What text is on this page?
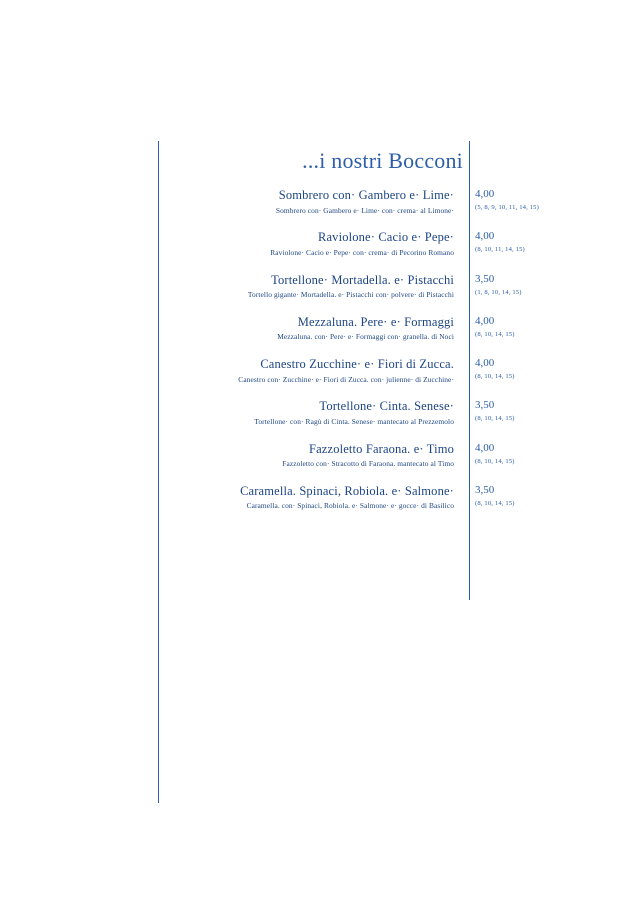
...i nostri Bocconi
Sombrero con· Gambero e· Lime·
Sombrero con· Gambero e· Lime· con· crema· al Limone·
4,00
(5, 8, 9, 10, 11, 14, 15)
Raviolone· Cacio e· Pepe·
Raviolone· Cacio e· Pepe· con· crema· di Pecorino Romano
4,00
(8, 10, 11, 14, 15)
Tortellone· Mortadella. e· Pistacchi
Tortello gigante· Mortadella. e· Pistacchi con· polvere· di Pistacchi
3,50
(1, 8, 10, 14, 15)
Mezzaluna. Pere· e· Formaggi
Mezzaluna. con· Pere· e· Formaggi con· granella. di Noci
4,00
(8, 10, 14, 15)
Canestro Zucchine· e· Fiori di Zucca.
Canestro con· Zucchine· e· Fiori di Zucca. con· julienne· di Zucchine·
4,00
(8, 10, 14, 15)
Tortellone· Cinta. Senese·
Tortellone· con· Ragù di Cinta. Senese· mantecato al Prezzemolo
3,50
(8, 10, 14, 15)
Fazzoletto Faraona. e· Timo
Fazzoletto con· Stracotto di Faraona. mantecato al Timo
4,00
(8, 10, 14, 15)
Caramella. Spinaci, Robiola. e· Salmone·
Caramella. con· Spinaci, Robiola. e· Salmone· e· gocce· di Basilico
3,50
(8, 10, 14, 15)
